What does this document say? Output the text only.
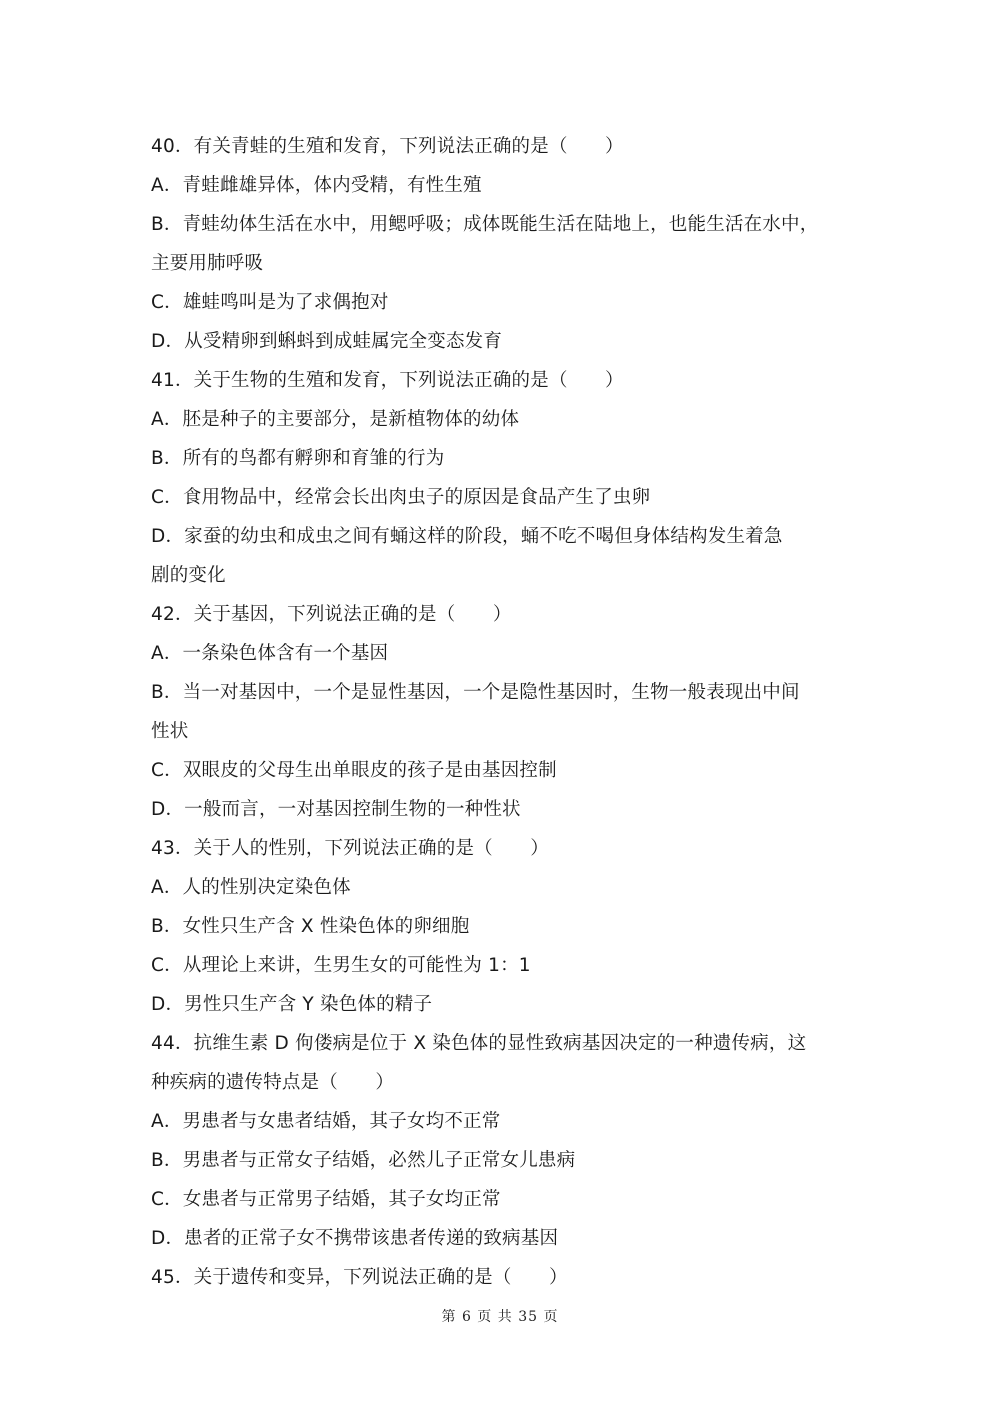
40．有关青蛙的生殖和发育，下列说法正确的是（　　）
A．青蛙雌雄异体，体内受精，有性生殖
B．青蛙幼体生活在水中，用鳃呼吸；成体既能生活在陆地上，也能生活在水中，
主要用肺呼吸
C．雄蛙鸣叫是为了求偶抱对
D．从受精卵到蝌蚪到成蛙属完全变态发育
41．关于生物的生殖和发育，下列说法正确的是（　　）
A．胚是种子的主要部分，是新植物体的幼体
B．所有的鸟都有孵卵和育雏的行为
C．食用物品中，经常会长出肉虫子的原因是食品产生了虫卵
D．家蚕的幼虫和成虫之间有蛹这样的阶段，蛹不吃不喝但身体结构发生着急
剧的变化
42．关于基因，下列说法正确的是（　　）
A．一条染色体含有一个基因
B．当一对基因中，一个是显性基因，一个是隐性基因时，生物一般表现出中间
性状
C．双眼皮的父母生出单眼皮的孩子是由基因控制
D．一般而言，一对基因控制生物的一种性状
43．关于人的性别，下列说法正确的是（　　）
A．人的性别决定染色体
B．女性只生产含 X 性染色体的卵细胞
C．从理论上来讲，生男生女的可能性为 1：1
D．男性只生产含 Y 染色体的精子
44．抗维生素 D 佝偻病是位于 X 染色体的显性致病基因决定的一种遗传病，这
种疾病的遗传特点是（　　）
A．男患者与女患者结婚，其子女均不正常
B．男患者与正常女子结婚，必然儿子正常女儿患病
C．女患者与正常男子结婚，其子女均正常
D．患者的正常子女不携带该患者传递的致病基因
45．关于遗传和变异，下列说法正确的是（　　）
第 6 页 共 35 页
